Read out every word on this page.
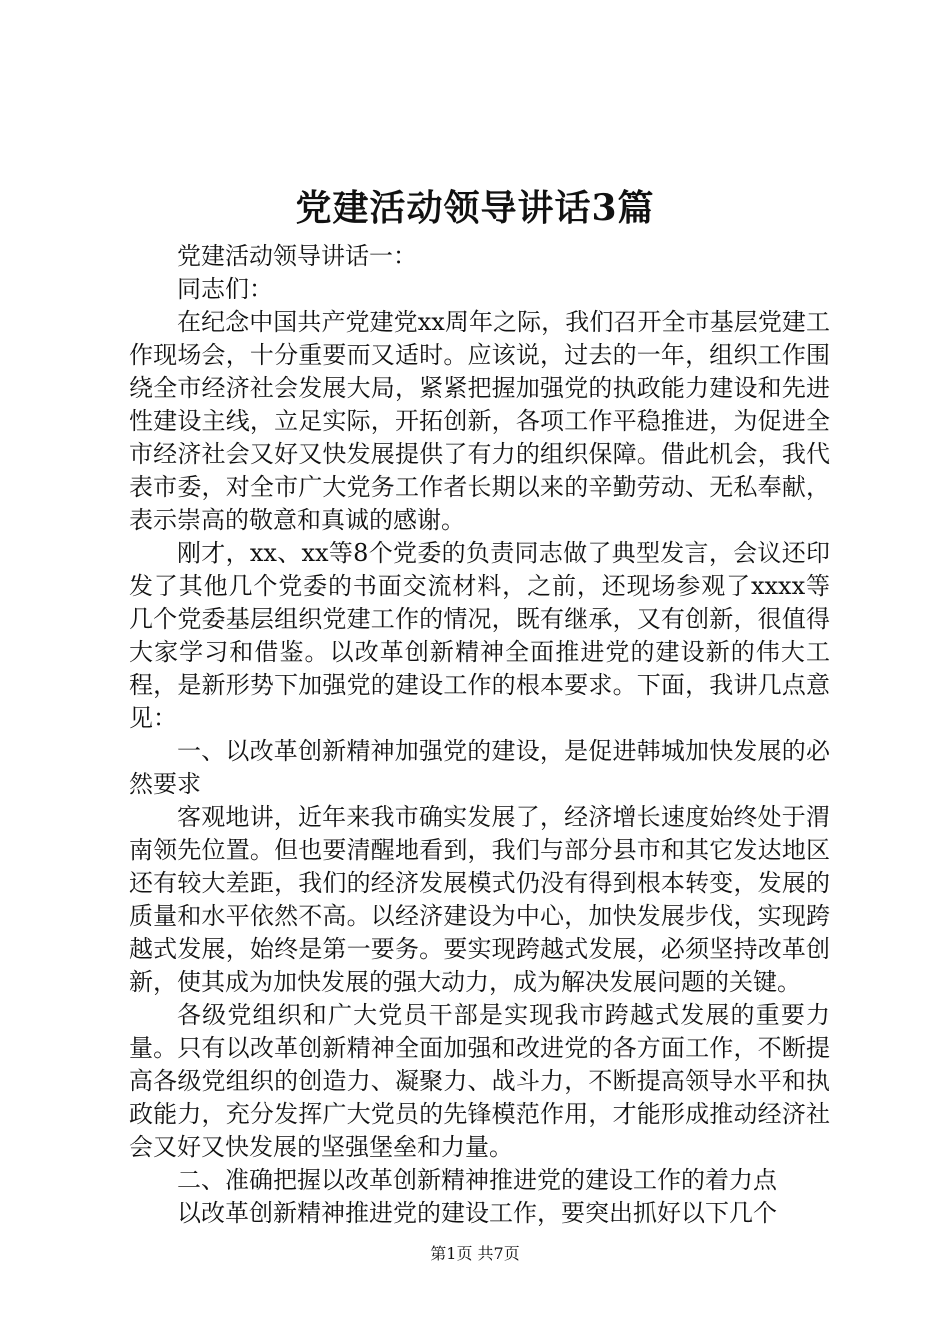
党建活动领导讲话3篇

党建活动领导讲话一：

同志们：

在纪念中国共产党建党xx周年之际，我们召开全市基层党建工作现场会，十分重要而又适时。应该说，过去的一年，组织工作围绕全市经济社会发展大局，紧紧把握加强党的执政能力建设和先进性建设主线，立足实际，开拓创新，各项工作平稳推进，为促进全市经济社会又好又快发展提供了有力的组织保障。借此机会，我代表市委，对全市广大党务工作者长期以来的辛勤劳动、无私奉献，表示崇高的敬意和真诚的感谢。

刚才，xx、xx等8个党委的负责同志做了典型发言，会议还印发了其他几个党委的书面交流材料，之前，还现场参观了xxxx等几个党委基层组织党建工作的情况，既有继承，又有创新，很值得大家学习和借鉴。以改革创新精神全面推进党的建设新的伟大工程，是新形势下加强党的建设工作的根本要求。下面，我讲几点意见：

一、以改革创新精神加强党的建设，是促进韩城加快发展的必然要求

客观地讲，近年来我市确实发展了，经济增长速度始终处于渭南领先位置。但也要清醒地看到，我们与部分县市和其它发达地区还有较大差距，我们的经济发展模式仍没有得到根本转变，发展的质量和水平依然不高。以经济建设为中心，加快发展步伐，实现跨越式发展，始终是第一要务。要实现跨越式发展，必须坚持改革创新，使其成为加快发展的强大动力，成为解决发展问题的关键。

各级党组织和广大党员干部是实现我市跨越式发展的重要力量。只有以改革创新精神全面加强和改进党的各方面工作，不断提高各级党组织的创造力、凝聚力、战斗力，不断提高领导水平和执政能力，充分发挥广大党员的先锋模范作用，才能形成推动经济社会又好又快发展的坚强堡垒和力量。

二、准确把握以改革创新精神推进党的建设工作的着力点

以改革创新精神推进党的建设工作，要突出抓好以下几个

第1页 共7页
